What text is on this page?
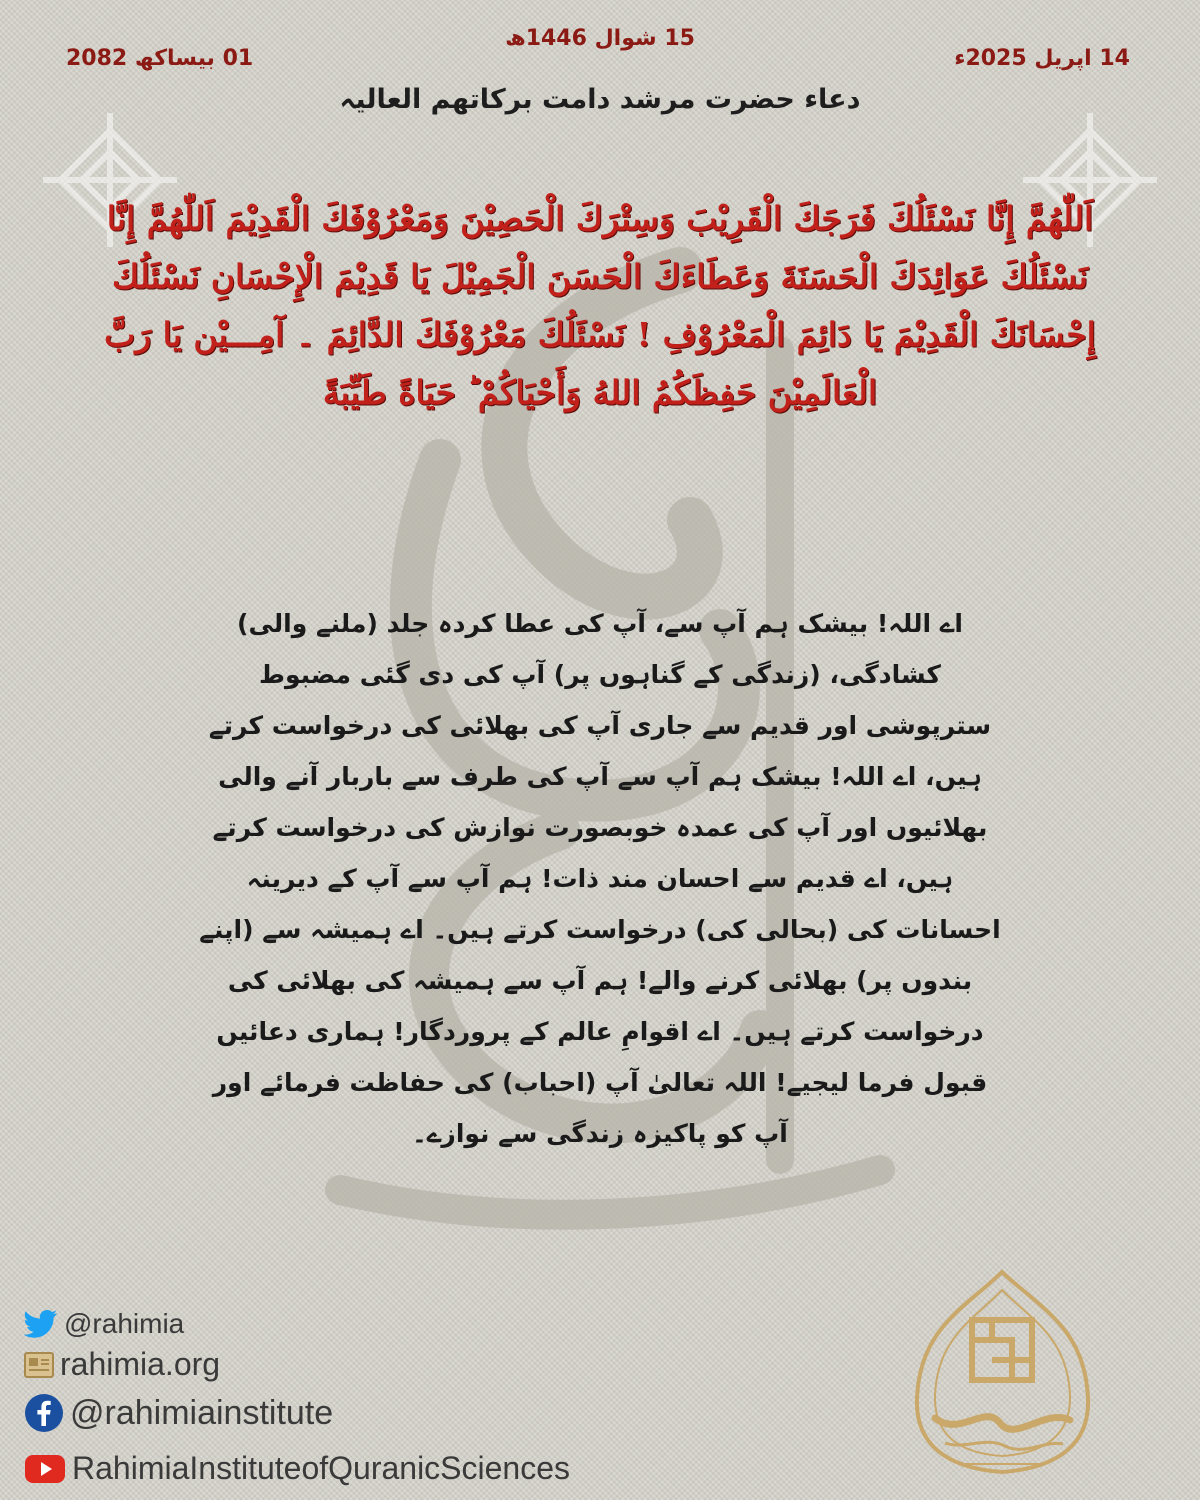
14 اپریل 2025ء
15 شوال 1446ھ
01 بیساکھ 2082
دعاء حضرت مرشد دامت برکاتھم العالیہ
اَللّٰھُمَّ إِنَّا نَسْئَلُكَ فَرَجَكَ الْقَرِيْبَ وَسِتْرَكَ الْحَصِيْنَ وَمَعْرُوْفَكَ الْقَدِيْمَ اَللّٰھُمَّ إِنَّا نَسْئَلُكَ عَوَائِدَكَ الْحَسَنَةَ وَعَطَاءَكَ الْحَسَنَ الْجَمِيْلَ يَا قَدِيْمَ الْإِحْسَانِ نَسْئَلُكَ إِحْسَانَكَ الْقَدِيْمَ يَا دَائِمَ الْمَعْرُوْفِ ! نَسْئَلُكَ مَعْرُوْفَكَ الدَّائِمَ ۔ آمِـــيْن يَا رَبَّ الْعَالَمِيْنَ حَفِظَكُمُ اللهُ وَأَحْيَاكُمْ ؕ حَيَاةً طَيِّبَةً
اے اللہ! بیشک ہم آپ سے، آپ کی عطا کردہ جلد (ملنے والی) کشادگی، (زندگی کے گناہوں پر) آپ کی دی گئی مضبوط سترپوشی اور قدیم سے جاری آپ کی بھلائی کی درخواست کرتے ہیں، اے اللہ! بیشک ہم آپ سے آپ کی طرف سے باربار آنے والی بھلائیوں اور آپ کی عمدہ خوبصورت نوازش کی درخواست کرتے ہیں، اے قدیم سے احسان مند ذات! ہم آپ سے آپ کے دیرینہ احسانات کی (بحالی کی) درخواست کرتے ہیں۔ اے ہمیشہ سے (اپنے بندوں پر) بھلائی کرنے والے! ہم آپ سے ہمیشہ کی بھلائی کی درخواست کرتے ہیں۔ اے اقوامِ عالم کے پروردگار! ہماری دعائیں قبول فرما لیجیے! اللہ تعالیٰ آپ (احباب) کی حفاظت فرمائے اور آپ کو پاکیزہ زندگی سے نوازے۔
@rahimia
rahimia.org
@rahimiainstitute
RahimiaInstituteofQuranicSciences
